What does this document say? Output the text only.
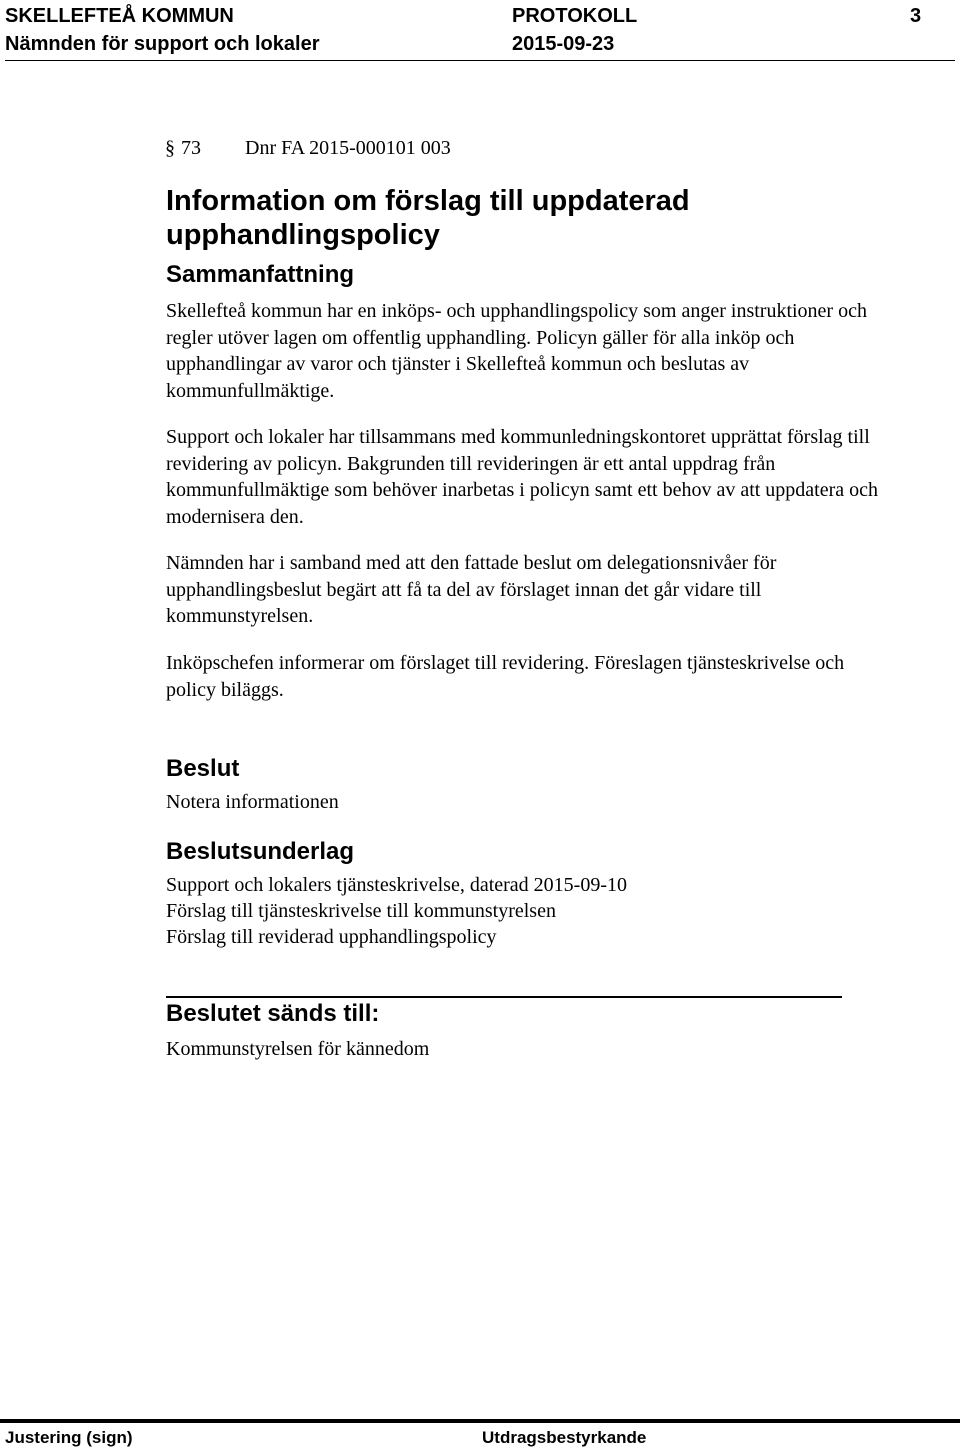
SKELLEFTEÅ KOMMUN
Nämnden för support och lokaler
PROTOKOLL
2015-09-23
3
§ 73 Dnr FA 2015-000101 003
Information om förslag till uppdaterad upphandlingspolicy
Sammanfattning

Skellefteå kommun har en inköps- och upphandlingspolicy som anger instruktioner och regler utöver lagen om offentlig upphandling. Policyn gäller för alla inköp och upphandlingar av varor och tjänster i Skellefteå kommun och beslutas av kommunfullmäktige.

Support och lokaler har tillsammans med kommunledningskontoret upprättat förslag till revidering av policyn. Bakgrunden till revideringen är ett antal uppdrag från kommunfullmäktige som behöver inarbetas i policyn samt ett behov av att uppdatera och modernisera den.

Nämnden har i samband med att den fattade beslut om delegationsnivåer för upphandlingsbeslut begärt att få ta del av förslaget innan det går vidare till kommunstyrelsen.

Inköpschefen informerar om förslaget till revidering. Föreslagen tjänsteskrivelse och policy biläggs.

Beslut
Notera informationen
Beslutsunderlag
Support och lokalers tjänsteskrivelse, daterad 2015-09-10
Förslag till tjänsteskrivelse till kommunstyrelsen
Förslag till reviderad upphandlingspolicy
Beslutet sänds till:
Kommunstyrelsen för kännedom
Justering (sign)	Utdragsbestyrkande
